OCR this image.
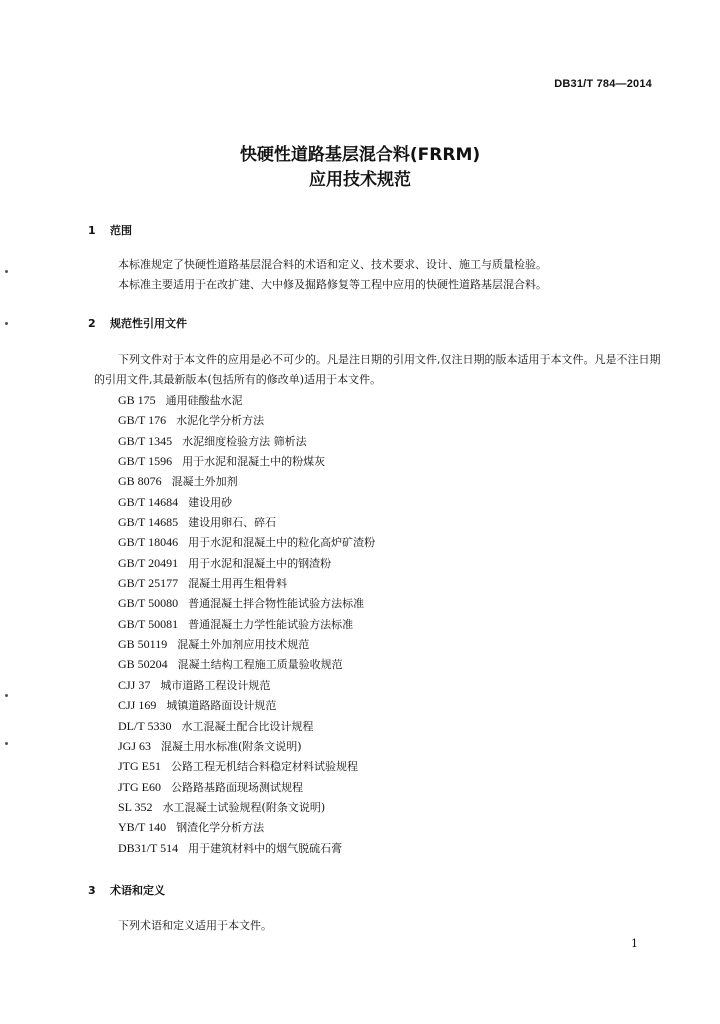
DB31/T 784—2014
快硬性道路基层混合料(FRRM)
应用技术规范
1 范围
本标准规定了快硬性道路基层混合料的术语和定义、技术要求、设计、施工与质量检验。
本标准主要适用于在改扩建、大中修及掘路修复等工程中应用的快硬性道路基层混合料。
2 规范性引用文件
下列文件对于本文件的应用是必不可少的。凡是注日期的引用文件,仅注日期的版本适用于本文件。凡是不注日期的引用文件,其最新版本(包括所有的修改单)适用于本文件。
GB 175 通用硅酸盐水泥
GB/T 176 水泥化学分析方法
GB/T 1345 水泥细度检验方法 筛析法
GB/T 1596 用于水泥和混凝土中的粉煤灰
GB 8076 混凝土外加剂
GB/T 14684 建设用砂
GB/T 14685 建设用卵石、碎石
GB/T 18046 用于水泥和混凝土中的粒化高炉矿渣粉
GB/T 20491 用于水泥和混凝土中的钢渣粉
GB/T 25177 混凝土用再生粗骨料
GB/T 50080 普通混凝土拌合物性能试验方法标准
GB/T 50081 普通混凝土力学性能试验方法标准
GB 50119 混凝土外加剂应用技术规范
GB 50204 混凝土结构工程施工质量验收规范
CJJ 37 城市道路工程设计规范
CJJ 169 城镇道路路面设计规范
DL/T 5330 水工混凝土配合比设计规程
JGJ 63 混凝土用水标准(附条文说明)
JTG E51 公路工程无机结合料稳定材料试验规程
JTG E60 公路路基路面现场测试规程
SL 352 水工混凝土试验规程(附条文说明)
YB/T 140 钢渣化学分析方法
DB31/T 514 用于建筑材料中的烟气脱硫石膏
3 术语和定义
下列术语和定义适用于本文件。
1
